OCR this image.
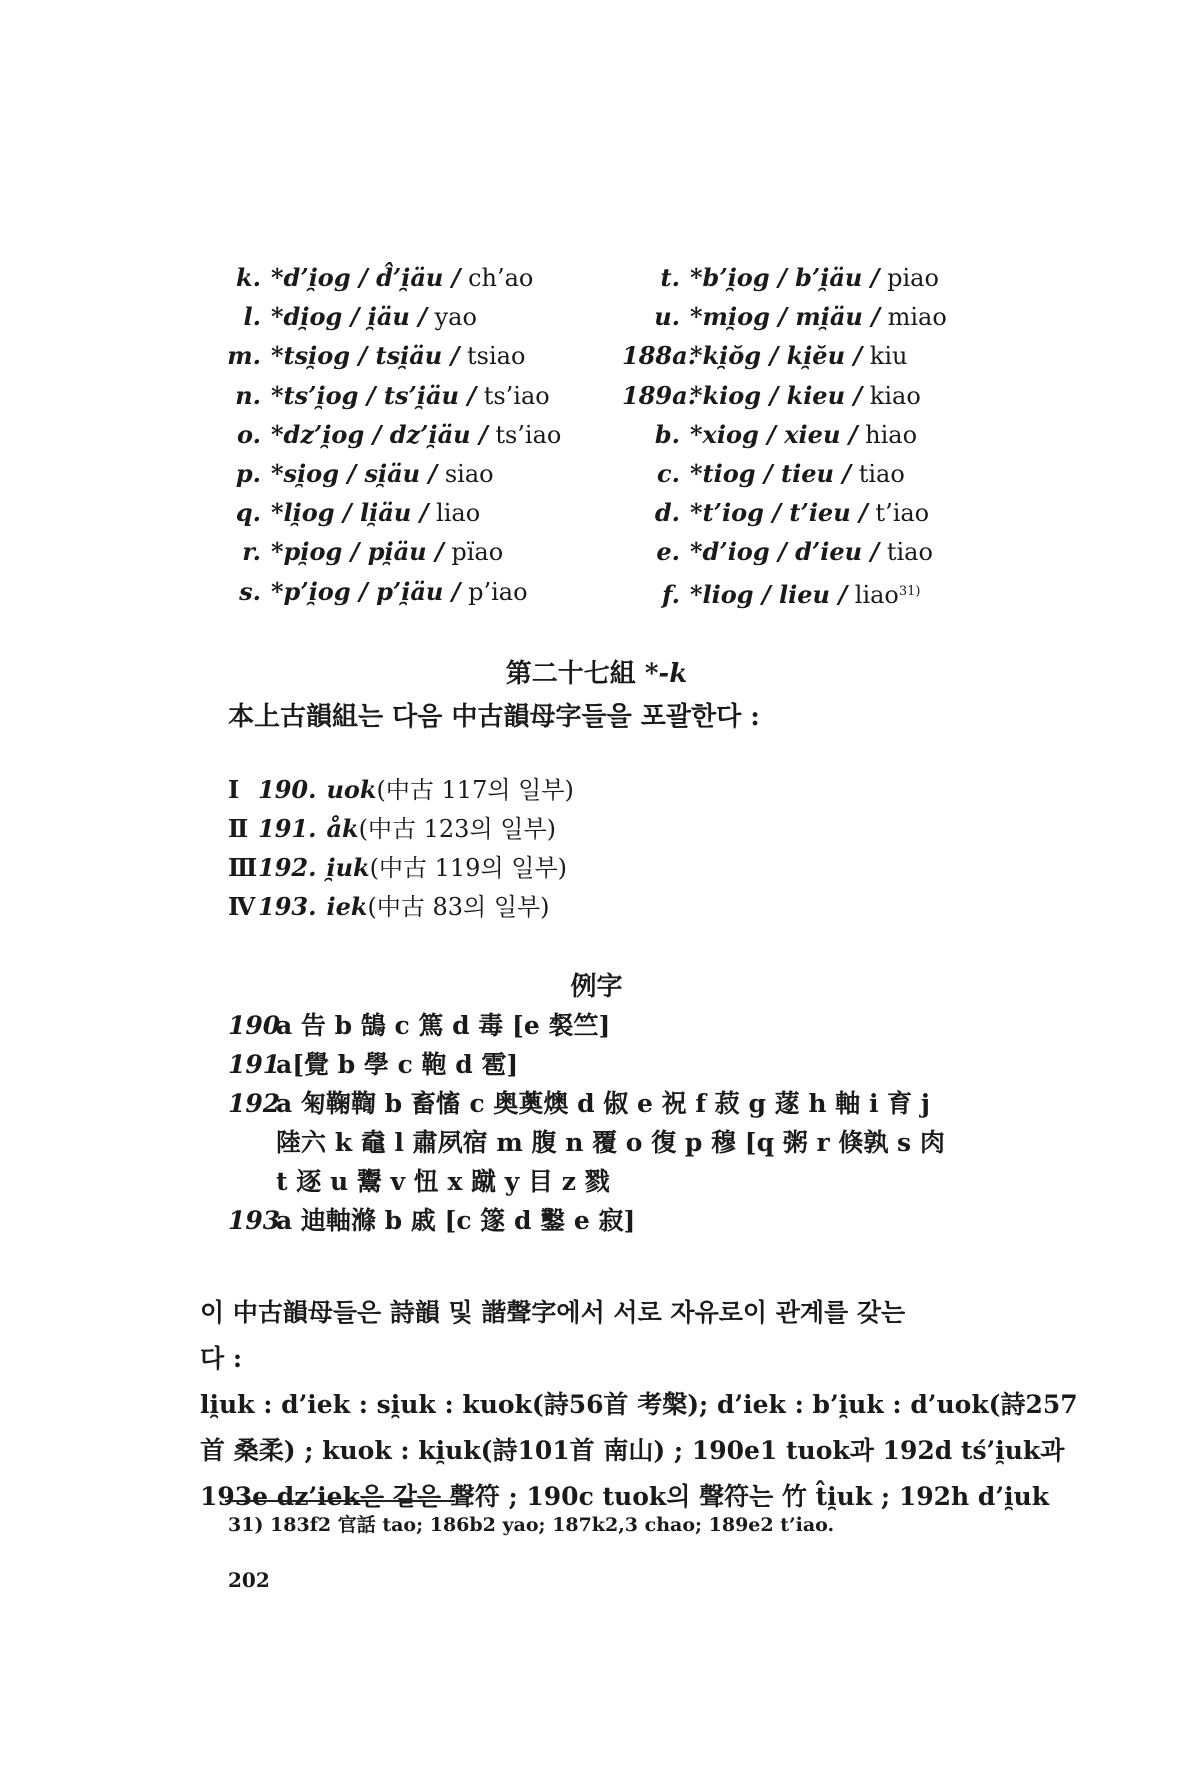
k. *d’i̯og / d̂’i̯äu / ch’ao
l. *di̯og / i̯äu / yao
m. *tsi̯og / tsi̯äu / tsiao
n. *ts’i̯og / ts’i̯äu / ts’iao
o. *dz’i̯og / dz’i̯äu / ts’iao
p. *si̯og / si̯äu / siao
q. *li̯og / li̯äu / liao
r. *pi̯og / pi̯äu / pïao
s. *p’i̯og / p’i̯äu / p’iao
t. *b’i̯og / b’i̯äu / piao
u. *mi̯og / mi̯äu / miao
188a.*ki̯ŏg / ki̯ĕu / kiu
189a.*kiog / kieu / kiao
b. *xiog / xieu / hiao
c. *tiog / tieu / tiao
d. *t’iog / t’ieu / t’iao
e. *d’iog / d’ieu / tiao
f. *liog / lieu / liao$^{31)}$
第二十七組 *-k
本上古韻組는 다음 中古韻母字들을 포괄한다 :
Ⅰ 190. uok(中古 117의 일부)
Ⅱ 191. åk(中古 123의 일부)
Ⅲ192. i̯uk(中古 119의 일부)
Ⅳ 193. iek(中古 83의 일부)
例字
190a 告 b 鵠 c 篤 d 毒 [e 裻竺]
191a[覺 b 學 c 鞄 d 雹]
192a 匊鞠鞫 b 畜慉 c 奥薁燠 d 俶 e 祝 f 菽 g 蓫 h 軸 i 育 j
陸六 k 鼀 l 肅夙宿 m 腹 n 覆 o 復 p 穆 [q 粥 r 倏孰 s 肉
t 逐 u 鬻 v 忸 x 蹴 y 目 z 戮
193a 迪軸滌 b 戚 [c 篴 d 鑿 e 寂]
이 中古韻母들은 詩韻 및 諧聲字에서 서로 자유로이 관계를 갖는
다 :
li̯uk : d’iek : si̯uk : kuok(詩56首 考槃); d’iek : b’i̯uk : d’uok(詩257
首 桑柔) ; kuok : ki̯uk(詩101首 南山) ; 190e1 tuok과 192d tś’i̯uk과
193e dz’iek은 같은 聲符 ; 190c tuok의 聲符는 竹 t̂i̯uk ; 192h d’i̯uk
31) 183f2 官話 tao; 186b2 yao; 187k2,3 chao; 189e2 t’iao.
202
